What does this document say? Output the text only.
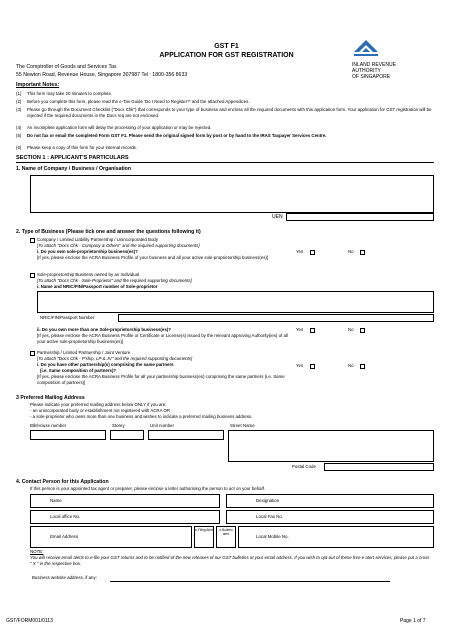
GST F1
APPLICATION FOR GST REGISTRATION
The Comptroller of Goods and Services Tax
55 Newton Road, Revenue House, Singapore 307987 Tel : 1800-356 8633
INLAND REVENUE
AUTHORITY
OF SINGAPORE
Important Notes:
(1) This form may take 20 minutes to complete.
(2) Before you complete this form, please read the e-Tax Guide 'Do I Need to Register?' and the attached Appendices.
(3)	Please go through the Document Checklist ("Docs Chk") that corresponds to your type of business and enclose all the required documents with this application form. Your application for GST registration will be rejected if the required documents in the Docs req are not enclosed.
(4) An incomplete application form will delay the processing of your application or may be rejected.
(5)	Do not fax or email the completed Form GST F1. Please send the original signed form by post or by hand to the IRAS Taxpayer Services Centre.
(6) Please keep a copy of this form for your internal records.
SECTION 1 : APPLICANT'S PARTICULARS
1. Name of Company / Business / Organisation
UEN
2. Type of Business (Please tick one and answer the questions following it)
Company / Limited Liability Partnership / Unincorporated Body
[To attach "Docs Chk - Company & Others" and the required supporting documents]
i. Do you own sole-proprietorship business(es)?	Yes	No
[If yes, please enclose the ACRA Business Profile of your business and all your active sole-proprietorship business(es)]
Sole-proprietorship Business owned by an Individual
[To attach "Docs Chk - Sole-Proprietor" and the required supporting documents]
i. Name and NRIC/FIN/Passport number of Sole-proprietor
NRIC/FIN/Passport Number
ii. Do you own more than one Sole-proprietorship business(es)?	Yes	No
[If yes, please enclose the ACRA Business Profile or Certificate or License(s) issued by the relevant approving Authority(ies) of all your active sole-proprietorship business(es)]
Partnership / Limited Partnership / Joint Venture
[To attach "Docs Chk - P'ship, LP & JV" and the required supporting documents]
i. Do you have other partnership(s) comprising the same partners
(i.e. Same composition of partners)?
Yes	No
[If yes, please enclose the ACRA Business Profile for all your partnership business(es) comprising the same partners (i.e. Same composition of partners)]
3 Preferred Mailing Address
Please indicate your preferred mailing address below ONLY if you are:
- an unincorporated body or establishment not registered with ACRA OR
- a sole-proprietor who owns more than one business and wishes to indicate a preferred mailing business address.
Blk/House number	Storey	Unit number	Street Name
Postal Code
4. Contact Person for this Application
If this person is your appointed tax agent or preparer, please enclose a letter authorising the person to act on your behalf.
Name	Designation
Local office No.	Local Fax No.
Email Address
e-Filing Alert	e-Bulletin alert
Local Mobile No.
NOTE:
You will receive email alerts to e-file your GST returns and to be notified of the new releases of our GST bulletins at your email address. If you wish to opt-out of these free e-alert services, please put a cross " X " in the respective box.
Business website address, if any:
GST/FORM001/0113	Page 1 of 7
